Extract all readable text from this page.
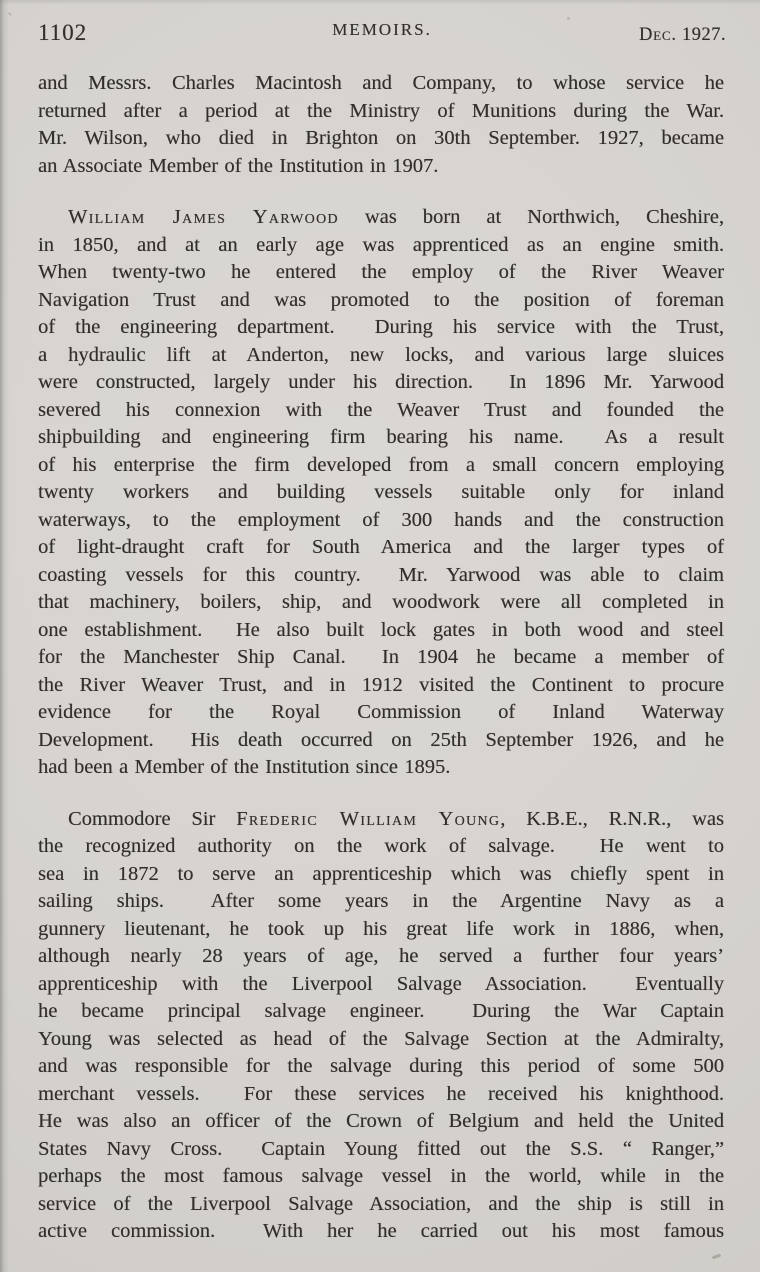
1102	MEMOIRS.	Dec. 1927.
and Messrs. Charles Macintosh and Company, to whose service he
returned after a period at the Ministry of Munitions during the War.
Mr. Wilson, who died in Brighton on 30th September. 1927, became
an Associate Member of the Institution in 1907.
William James Yarwood was born at Northwich, Cheshire,
in 1850, and at an early age was apprenticed as an engine smith.
When twenty-two he entered the employ of the River Weaver
Navigation Trust and was promoted to the position of foreman
of the engineering department.  During his service with the Trust,
a hydraulic lift at Anderton, new locks, and various large sluices
were constructed, largely under his direction.  In 1896 Mr. Yarwood
severed his connexion with the Weaver Trust and founded the
shipbuilding and engineering firm bearing his name.  As a result
of his enterprise the firm developed from a small concern employing
twenty workers and building vessels suitable only for inland
waterways, to the employment of 300 hands and the construction
of light-draught craft for South America and the larger types of
coasting vessels for this country.  Mr. Yarwood was able to claim
that machinery, boilers, ship, and woodwork were all completed in
one establishment.  He also built lock gates in both wood and steel
for the Manchester Ship Canal.  In 1904 he became a member of
the River Weaver Trust, and in 1912 visited the Continent to procure
evidence for the Royal Commission of Inland Waterway
Development.  His death occurred on 25th September 1926, and he
had been a Member of the Institution since 1895.
Commodore Sir Frederic William Young, K.B.E., R.N.R., was
the recognized authority on the work of salvage.  He went to
sea in 1872 to serve an apprenticeship which was chiefly spent in
sailing ships.  After some years in the Argentine Navy as a
gunnery lieutenant, he took up his great life work in 1886, when,
although nearly 28 years of age, he served a further four years’
apprenticeship with the Liverpool Salvage Association.  Eventually
he became principal salvage engineer.  During the War Captain
Young was selected as head of the Salvage Section at the Admiralty,
and was responsible for the salvage during this period of some 500
merchant vessels.  For these services he received his knighthood.
He was also an officer of the Crown of Belgium and held the United
States Navy Cross.  Captain Young fitted out the S.S. “ Ranger,”
perhaps the most famous salvage vessel in the world, while in the
service of the Liverpool Salvage Association, and the ship is still in
active commission.  With her he carried out his most famous
